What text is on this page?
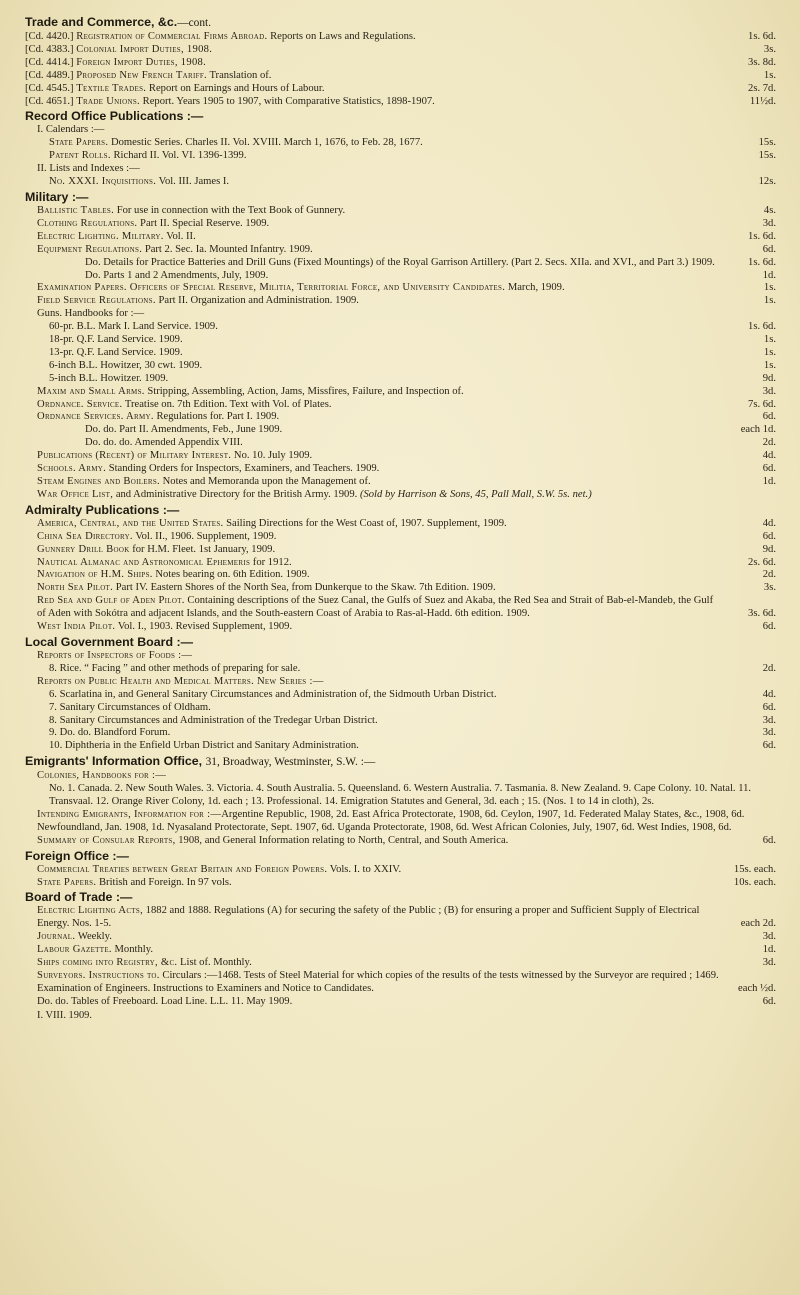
Trade and Commerce, &c.—cont.
[Cd. 4420.] Registration of Commercial Firms Abroad. Reports on Laws and Regulations.	1s. 6d.
[Cd. 4383.] Colonial Import Duties, 1908.	3s.
[Cd. 4414.] Foreign Import Duties, 1908.	3s. 8d.
[Cd. 4489.] Proposed New French Tariff. Translation of.	1s.
[Cd. 4545.] Textile Trades. Report on Earnings and Hours of Labour.	2s. 7d.
[Cd. 4651.] Trade Unions. Report. Years 1905 to 1907, with Comparative Statistics, 1898-1907.	11½d.
Record Office Publications :—
I. Calendars :—
State Papers. Domestic Series. Charles II. Vol. XVIII. March 1, 1676, to Feb. 28, 1677.	15s.
Patent Rolls. Richard II. Vol. VI. 1396-1399.	15s.
II. Lists and Indexes :—
No. XXXI. Inquisitions. Vol. III. James I.	12s.
Military :—
Ballistic Tables. For use in connection with the Text Book of Gunnery.	4s.
Clothing Regulations. Part II. Special Reserve. 1909.	3d.
Electric Lighting. Military. Vol. II.	1s. 6d.
Equipment Regulations. Part 2. Sec. Ia. Mounted Infantry. 1909.	6d.
Do. Details for Practice Batteries and Drill Guns (Fixed Mountings) of the Royal Garrison Artillery. (Part 2. Secs. XIIa. and XVI., and Part 3.) 1909.	1s. 6d.
Do. Parts 1 and 2 Amendments, July, 1909.	1d.
Examination Papers. Officers of Special Reserve, Militia, Territorial Force, and University Candidates. March, 1909.	1s.
Field Service Regulations. Part II. Organization and Administration. 1909.	1s.
Guns. Handbooks for :—
60-pr. B.L. Mark I. Land Service. 1909.	1s. 6d.
18-pr. Q.F. Land Service. 1909.	1s.
13-pr. Q.F. Land Service. 1909.	1s.
6-inch B.L. Howitzer, 30 cwt. 1909.	1s.
5-inch B.L. Howitzer. 1909.	9d.
Maxim and Small Arms. Stripping, Assembling, Action, Jams, Missfires, Failure, and Inspection of.	3d.
Ordnance. Service. Treatise on. 7th Edition. Text with Vol. of Plates.	7s. 6d.
Ordnance Services. Army. Regulations for. Part I. 1909.	6d.
Do. do. Part II. Amendments, Feb., June 1909.	each 1d.
Do. do. do. Amended Appendix VIII.	2d.
Publications (Recent) of Military Interest. No. 10. July 1909.	4d.
Schools. Army. Standing Orders for Inspectors, Examiners, and Teachers. 1909.	6d.
Steam Engines and Boilers. Notes and Memoranda upon the Management of.	1d.
War Office List, and Administrative Directory for the British Army. 1909. (Sold by Harrison & Sons, 45, Pall Mall, S.W. 5s. net.)
Admiralty Publications :—
America, Central, and the United States. Sailing Directions for the West Coast of, 1907. Supplement, 1909.	4d.
China Sea Directory. Vol. II., 1906. Supplement, 1909.	6d.
Gunnery Drill Book for H.M. Fleet. 1st January, 1909.	9d.
Nautical Almanac and Astronomical Ephemeris for 1912.	2s. 6d.
Navigation of H.M. Ships. Notes bearing on. 6th Edition. 1909.	2d.
North Sea Pilot. Part IV. Eastern Shores of the North Sea, from Dunkerque to the Skaw. 7th Edition. 1909.	3s.
Red Sea and Gulf of Aden Pilot. Containing descriptions of the Suez Canal, the Gulfs of Suez and Akaba, the Red Sea and Strait of Bab-el-Mandeb, the Gulf of Aden with Sokótra and adjacent Islands, and the South-eastern Coast of Arabia to Ras-al-Hadd. 6th edition. 1909.	3s. 6d.
West India Pilot. Vol. I., 1903. Revised Supplement, 1909.	6d.
Local Government Board :—
Reports of Inspectors of Foods :—
8. Rice. “ Facing ” and other methods of preparing for sale.	2d.
Reports on Public Health and Medical Matters. New Series :—
6. Scarlatina in, and General Sanitary Circumstances and Administration of, the Sidmouth Urban District.	4d.
7. Sanitary Circumstances of Oldham.	6d.
8. Sanitary Circumstances and Administration of the Tredegar Urban District.	3d.
9. Do. do. Blandford Forum.	3d.
10. Diphtheria in the Enfield Urban District and Sanitary Administration.	6d.
Emigrants' Information Office, 31, Broadway, Westminster, S.W. :—
Colonies, Handbooks for :—
No. 1. Canada. 2. New South Wales. 3. Victoria. 4. South Australia. 5. Queensland. 6. Western Australia. 7. Tasmania. 8. New Zealand. 9. Cape Colony. 10. Natal. 11. Transvaal. 12. Orange River Colony, 1d. each ; 13. Professional. 14. Emigration Statutes and General, 3d. each ; 15. (Nos. 1 to 14 in cloth), 2s.
Intending Emigrants, Information for :—Argentine Republic, 1908, 2d. East Africa Protectorate, 1908, 6d. Ceylon, 1907, 1d. Federated Malay States, &c., 1908, 6d. Newfoundland, Jan. 1908, 1d. Nyasaland Protectorate, Sept. 1907, 6d. Uganda Protectorate, 1908, 6d. West African Colonies, July, 1907, 6d. West Indies, 1908, 6d.
Summary of Consular Reports, 1908, and General Information relating to North, Central, and South America.	6d.
Foreign Office :—
Commercial Treaties between Great Britain and Foreign Powers. Vols. I. to XXIV.	15s. each.
State Papers. British and Foreign. In 97 vols.	10s. each.
Board of Trade :—
Electric Lighting Acts, 1882 and 1888. Regulations (A) for securing the safety of the Public ; (B) for ensuring a proper and Sufficient Supply of Electrical Energy. Nos. 1-5.	each 2d.
Journal. Weekly.	3d.
Labour Gazette. Monthly.	1d.
Ships coming into Registry, &c. List of. Monthly.	3d.
Surveyors. Instructions to. Circulars :—1468. Tests of Steel Material for which copies of the results of the tests witnessed by the Surveyor are required ; 1469. Examination of Engineers. Instructions to Examiners and Notice to Candidates.	each ½d.
Do. do. Tables of Freeboard. Load Line. L.L. 11. May 1909.	6d.
I. VIII. 1909.
